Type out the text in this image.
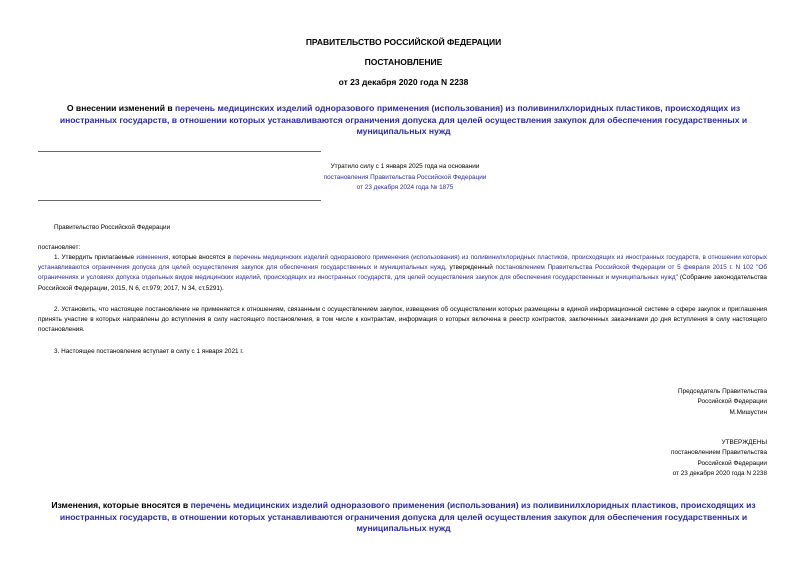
ПРАВИТЕЛЬСТВО РОССИЙСКОЙ ФЕДЕРАЦИИ
ПОСТАНОВЛЕНИЕ
от 23 декабря 2020 года N 2238
О внесении изменений в перечень медицинских изделий одноразового применения (использования) из поливинилхлоридных пластиков, происходящих из иностранных государств, в отношении которых устанавливаются ограничения допуска для целей осуществления закупок для обеспечения государственных и муниципальных нужд
Утратило силу с 1 января 2025 года на основании
постановления Правительства Российской Федерации
от 23 декабря 2024 года № 1875
Правительство Российской Федерации
постановляет:
1. Утвердить прилагаемые изменения, которые вносятся в перечень медицинских изделий одноразового применения (использования) из поливинилхлоридных пластиков, происходящих из иностранных государств, в отношении которых устанавливаются ограничения допуска для целей осуществления закупок для обеспечения государственных и муниципальных нужд, утвержденный постановлением Правительства Российской Федерации от 5 февраля 2015 г. N 102 "Об ограничениях и условиях допуска отдельных видов медицинских изделий, происходящих из иностранных государств, для целей осуществления закупок для обеспечения государственных и муниципальных нужд" (Собрание законодательства Российской Федерации, 2015, N 6, ст.979; 2017, N 34, ст.5291).
2. Установить, что настоящее постановление не применяется к отношениям, связанным с осуществлением закупок, извещения об осуществлении которых размещены в единой информационной системе в сфере закупок и приглашения принять участие в которых направлены до вступления в силу настоящего постановления, в том числе к контрактам, информация о которых включена в реестр контрактов, заключенных заказчиками до дня вступления в силу настоящего постановления.
3. Настоящее постановление вступает в силу с 1 января 2021 г.
Председатель Правительства
Российской Федерации
М.Мишустин
УТВЕРЖДЕНЫ
постановлением Правительства
Российской Федерации
от 23 декабря 2020 года N 2238
Изменения, которые вносятся в перечень медицинских изделий одноразового применения (использования) из поливинилхлоридных пластиков, происходящих из иностранных государств, в отношении которых устанавливаются ограничения допуска для целей осуществления закупок для обеспечения государственных и муниципальных нужд
